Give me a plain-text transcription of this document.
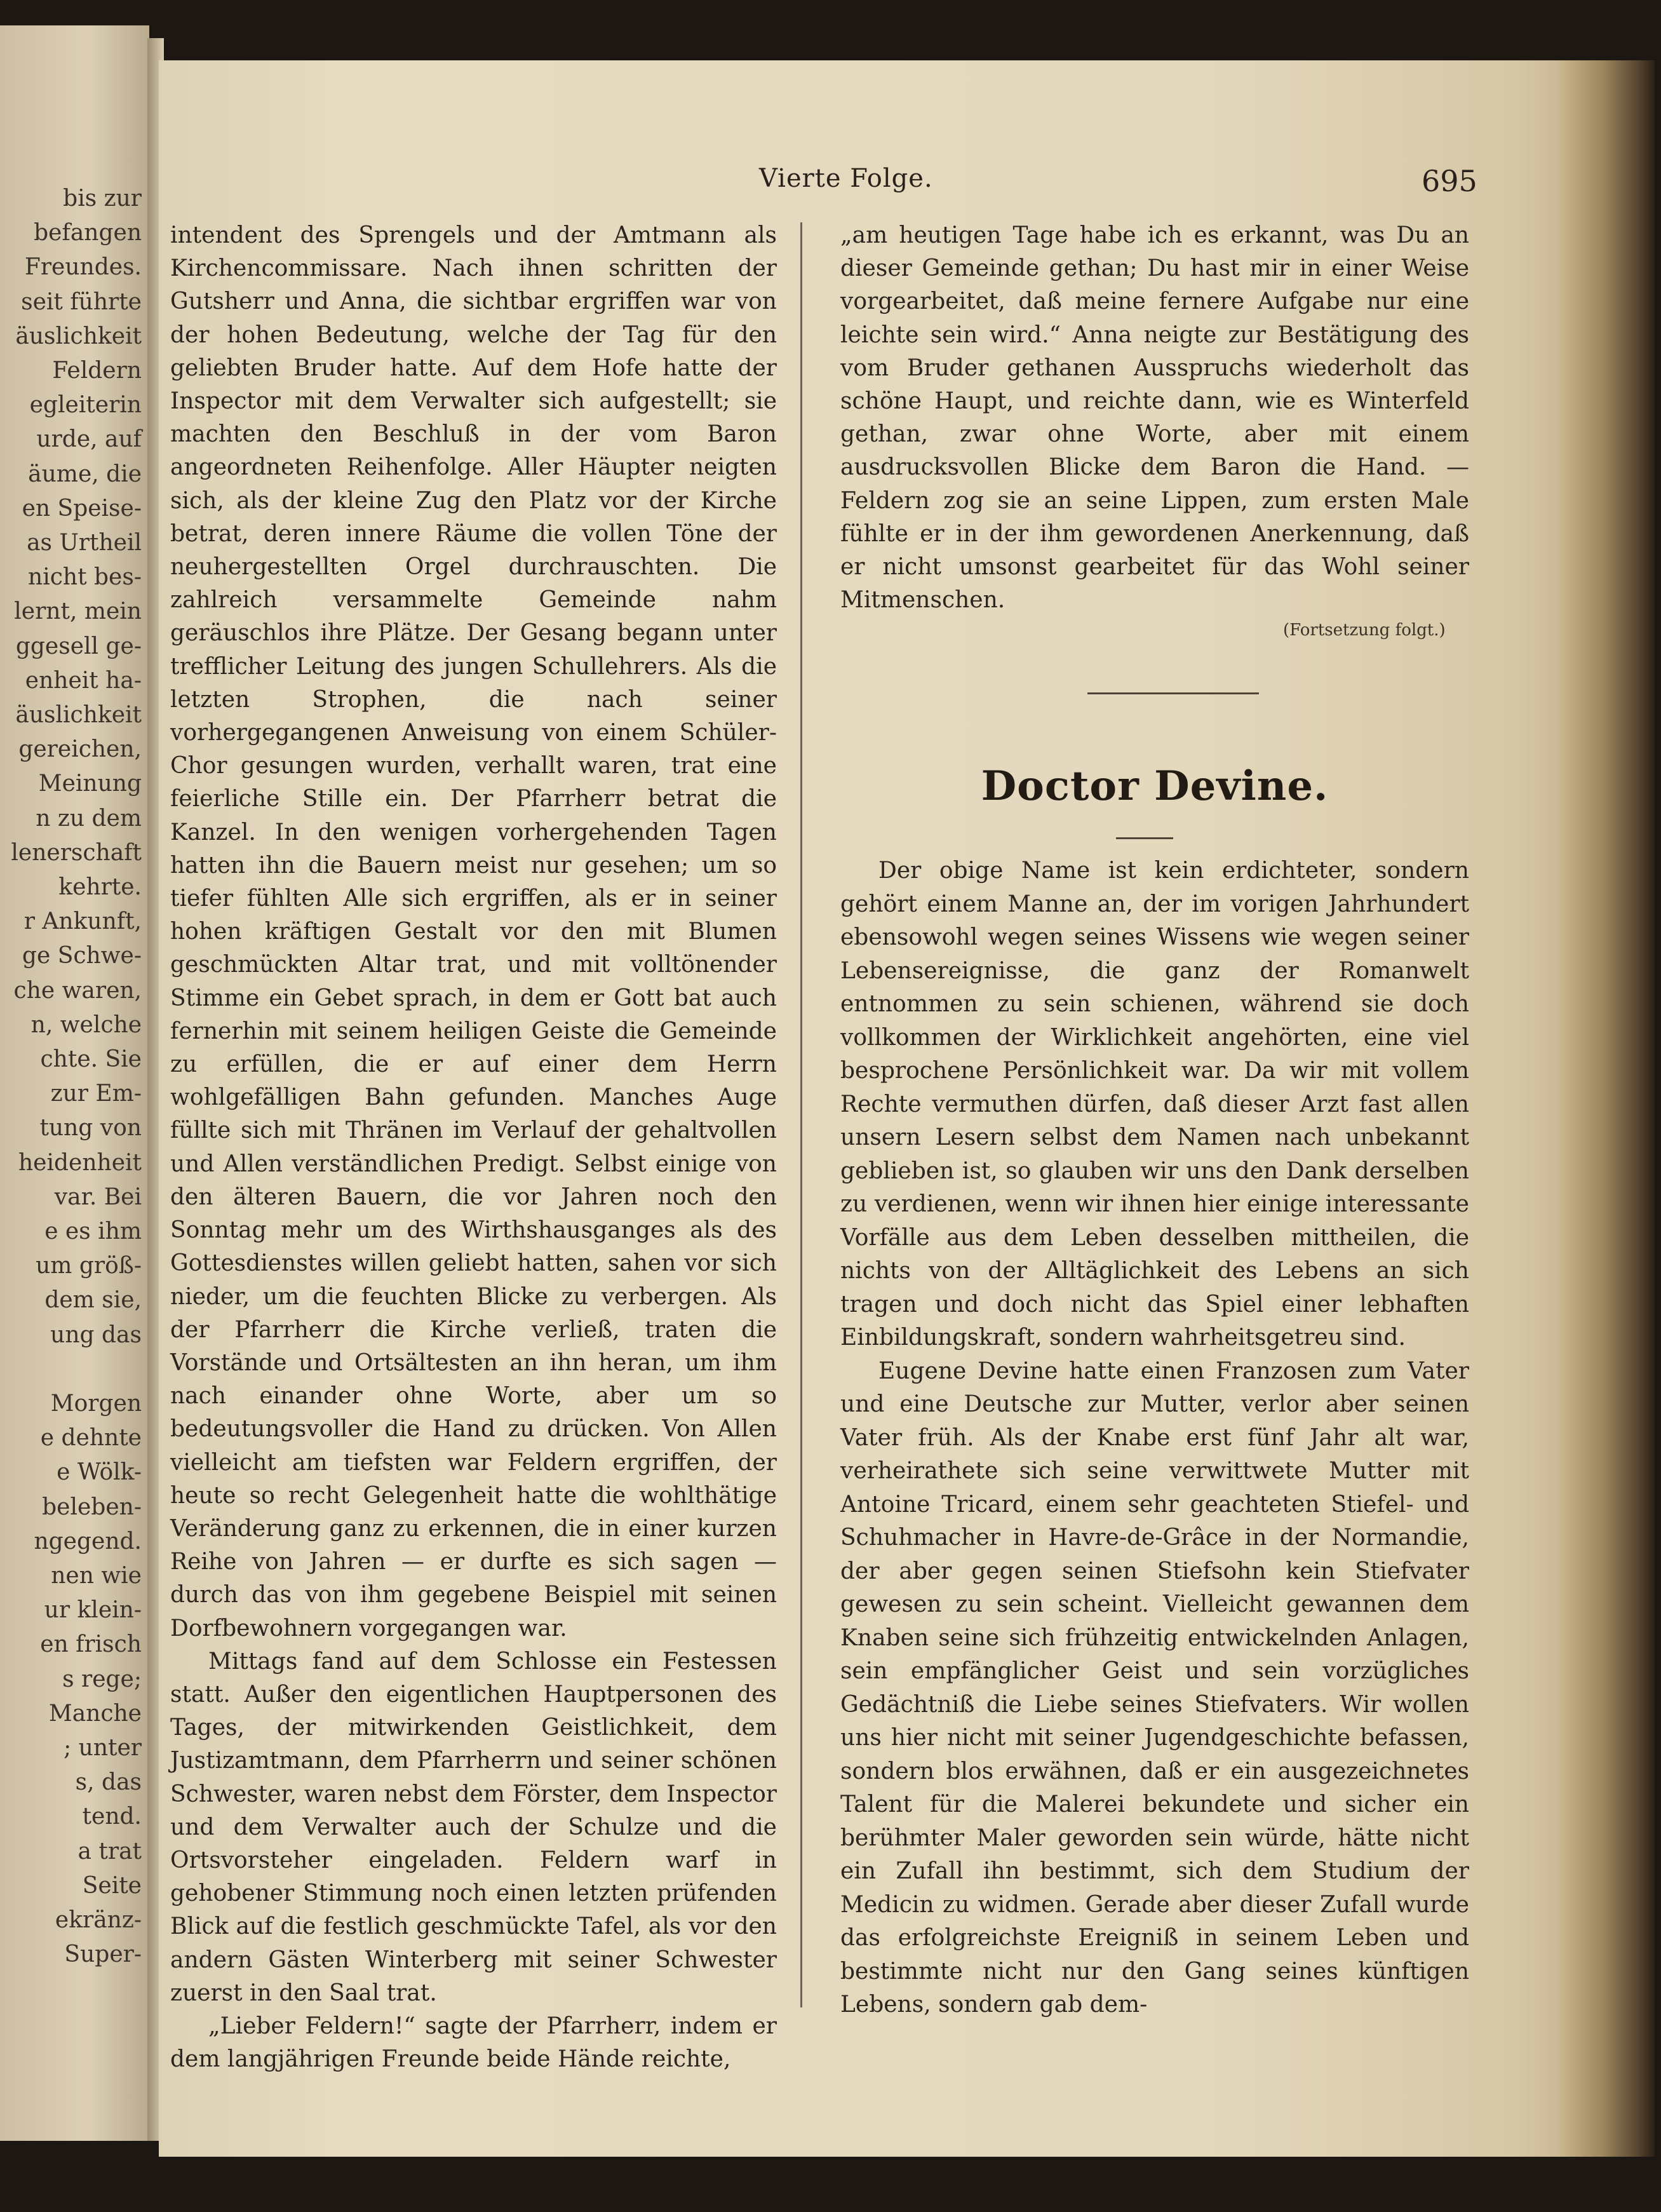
bis zur
befangen
Freundes.
seit führte
äuslichkeit
Feldern
egleiterin
urde, auf
äume, die
en Speise-
as Urtheil
nicht bes-
lernt, mein
ggesell ge-
enheit ha-
äuslichkeit
gereichen,
Meinung
n zu dem
lenerschaft
kehrte.
r Ankunft,
ge Schwe-
che waren,
n, welche
chte. Sie
zur Em-
tung von
heidenheit
var. Bei
e es ihm
um größ-
dem sie,
ung das
Morgen
e dehnte
e Wölk-
beleben-
ngegend.
nen wie
ur klein-
en frisch
s rege;
Manche
; unter
s, das
tend.
a trat
Seite
ekränz-
Super-
Vierte Folge.	695

intendent des Sprengels und der Amtmann als Kirchencommissare. Nach ihnen schritten der Gutsherr und Anna, die sichtbar ergriffen war von der hohen Bedeutung, welche der Tag für den geliebten Bruder hatte. Auf dem Hofe hatte der Inspector mit dem Verwalter sich aufgestellt; sie machten den Beschluß in der vom Baron angeordneten Reihenfolge. Aller Häupter neigten sich, als der kleine Zug den Platz vor der Kirche betrat, deren innere Räume die vollen Töne der neuhergestellten Orgel durchrauschten. Die zahlreich versammelte Gemeinde nahm geräuschlos ihre Plätze. Der Gesang begann unter trefflicher Leitung des jungen Schullehrers. Als die letzten Strophen, die nach seiner vorhergegangenen Anweisung von einem Schüler-Chor gesungen wurden, verhallt waren, trat eine feierliche Stille ein. Der Pfarrherr betrat die Kanzel. In den wenigen vorhergehenden Tagen hatten ihn die Bauern meist nur gesehen; um so tiefer fühlten Alle sich ergriffen, als er in seiner hohen kräftigen Gestalt vor den mit Blumen geschmückten Altar trat, und mit volltönender Stimme ein Gebet sprach, in dem er Gott bat auch fernerhin mit seinem heiligen Geiste die Gemeinde zu erfüllen, die er auf einer dem Herrn wohlgefälligen Bahn gefunden. Manches Auge füllte sich mit Thränen im Verlauf der gehaltvollen und Allen verständlichen Predigt. Selbst einige von den älteren Bauern, die vor Jahren noch den Sonntag mehr um des Wirthshausganges als des Gottesdienstes willen geliebt hatten, sahen vor sich nieder, um die feuchten Blicke zu verbergen. Als der Pfarrherr die Kirche verließ, traten die Vorstände und Ortsältesten an ihn heran, um ihm nach einander ohne Worte, aber um so bedeutungsvoller die Hand zu drücken. Von Allen vielleicht am tiefsten war Feldern ergriffen, der heute so recht Gelegenheit hatte die wohlthätige Veränderung ganz zu erkennen, die in einer kurzen Reihe von Jahren — er durfte es sich sagen — durch das von ihm gegebene Beispiel mit seinen Dorfbewohnern vorgegangen war.

Mittags fand auf dem Schlosse ein Festessen statt. Außer den eigentlichen Hauptpersonen des Tages, der mitwirkenden Geistlichkeit, dem Justizamtmann, dem Pfarrherrn und seiner schönen Schwester, waren nebst dem Förster, dem Inspector und dem Verwalter auch der Schulze und die Ortsvorsteher eingeladen. Feldern warf in gehobener Stimmung noch einen letzten prüfenden Blick auf die festlich geschmückte Tafel, als vor den andern Gästen Winterberg mit seiner Schwester zuerst in den Saal trat.

„Lieber Feldern!“ sagte der Pfarrherr, indem er dem langjährigen Freunde beide Hände reichte,

„am heutigen Tage habe ich es erkannt, was Du an dieser Gemeinde gethan; Du hast mir in einer Weise vorgearbeitet, daß meine fernere Aufgabe nur eine leichte sein wird.“ Anna neigte zur Bestätigung des vom Bruder gethanen Ausspruchs wiederholt das schöne Haupt, und reichte dann, wie es Winterfeld gethan, zwar ohne Worte, aber mit einem ausdrucksvollen Blicke dem Baron die Hand. — Feldern zog sie an seine Lippen, zum ersten Male fühlte er in der ihm gewordenen Anerkennung, daß er nicht umsonst gearbeitet für das Wohl seiner Mitmenschen.

(Fortsetzung folgt.)
Doctor Devine.

Der obige Name ist kein erdichteter, sondern gehört einem Manne an, der im vorigen Jahrhundert ebensowohl wegen seines Wissens wie wegen seiner Lebensereignisse, die ganz der Romanwelt entnommen zu sein schienen, während sie doch vollkommen der Wirklichkeit angehörten, eine viel besprochene Persönlichkeit war. Da wir mit vollem Rechte vermuthen dürfen, daß dieser Arzt fast allen unsern Lesern selbst dem Namen nach unbekannt geblieben ist, so glauben wir uns den Dank derselben zu verdienen, wenn wir ihnen hier einige interessante Vorfälle aus dem Leben desselben mittheilen, die nichts von der Alltäglichkeit des Lebens an sich tragen und doch nicht das Spiel einer lebhaften Einbildungskraft, sondern wahrheitsgetreu sind.

Eugene Devine hatte einen Franzosen zum Vater und eine Deutsche zur Mutter, verlor aber seinen Vater früh. Als der Knabe erst fünf Jahr alt war, verheirathete sich seine verwittwete Mutter mit Antoine Tricard, einem sehr geachteten Stiefel- und Schuhmacher in Havre-de-Grâce in der Normandie, der aber gegen seinen Stiefsohn kein Stiefvater gewesen zu sein scheint. Vielleicht gewannen dem Knaben seine sich frühzeitig entwickelnden Anlagen, sein empfänglicher Geist und sein vorzügliches Gedächtniß die Liebe seines Stiefvaters. Wir wollen uns hier nicht mit seiner Jugendgeschichte befassen, sondern blos erwähnen, daß er ein ausgezeichnetes Talent für die Malerei bekundete und sicher ein berühmter Maler geworden sein würde, hätte nicht ein Zufall ihn bestimmt, sich dem Studium der Medicin zu widmen. Gerade aber dieser Zufall wurde das erfolgreichste Ereigniß in seinem Leben und bestimmte nicht nur den Gang seines künftigen Lebens, sondern gab dem-
